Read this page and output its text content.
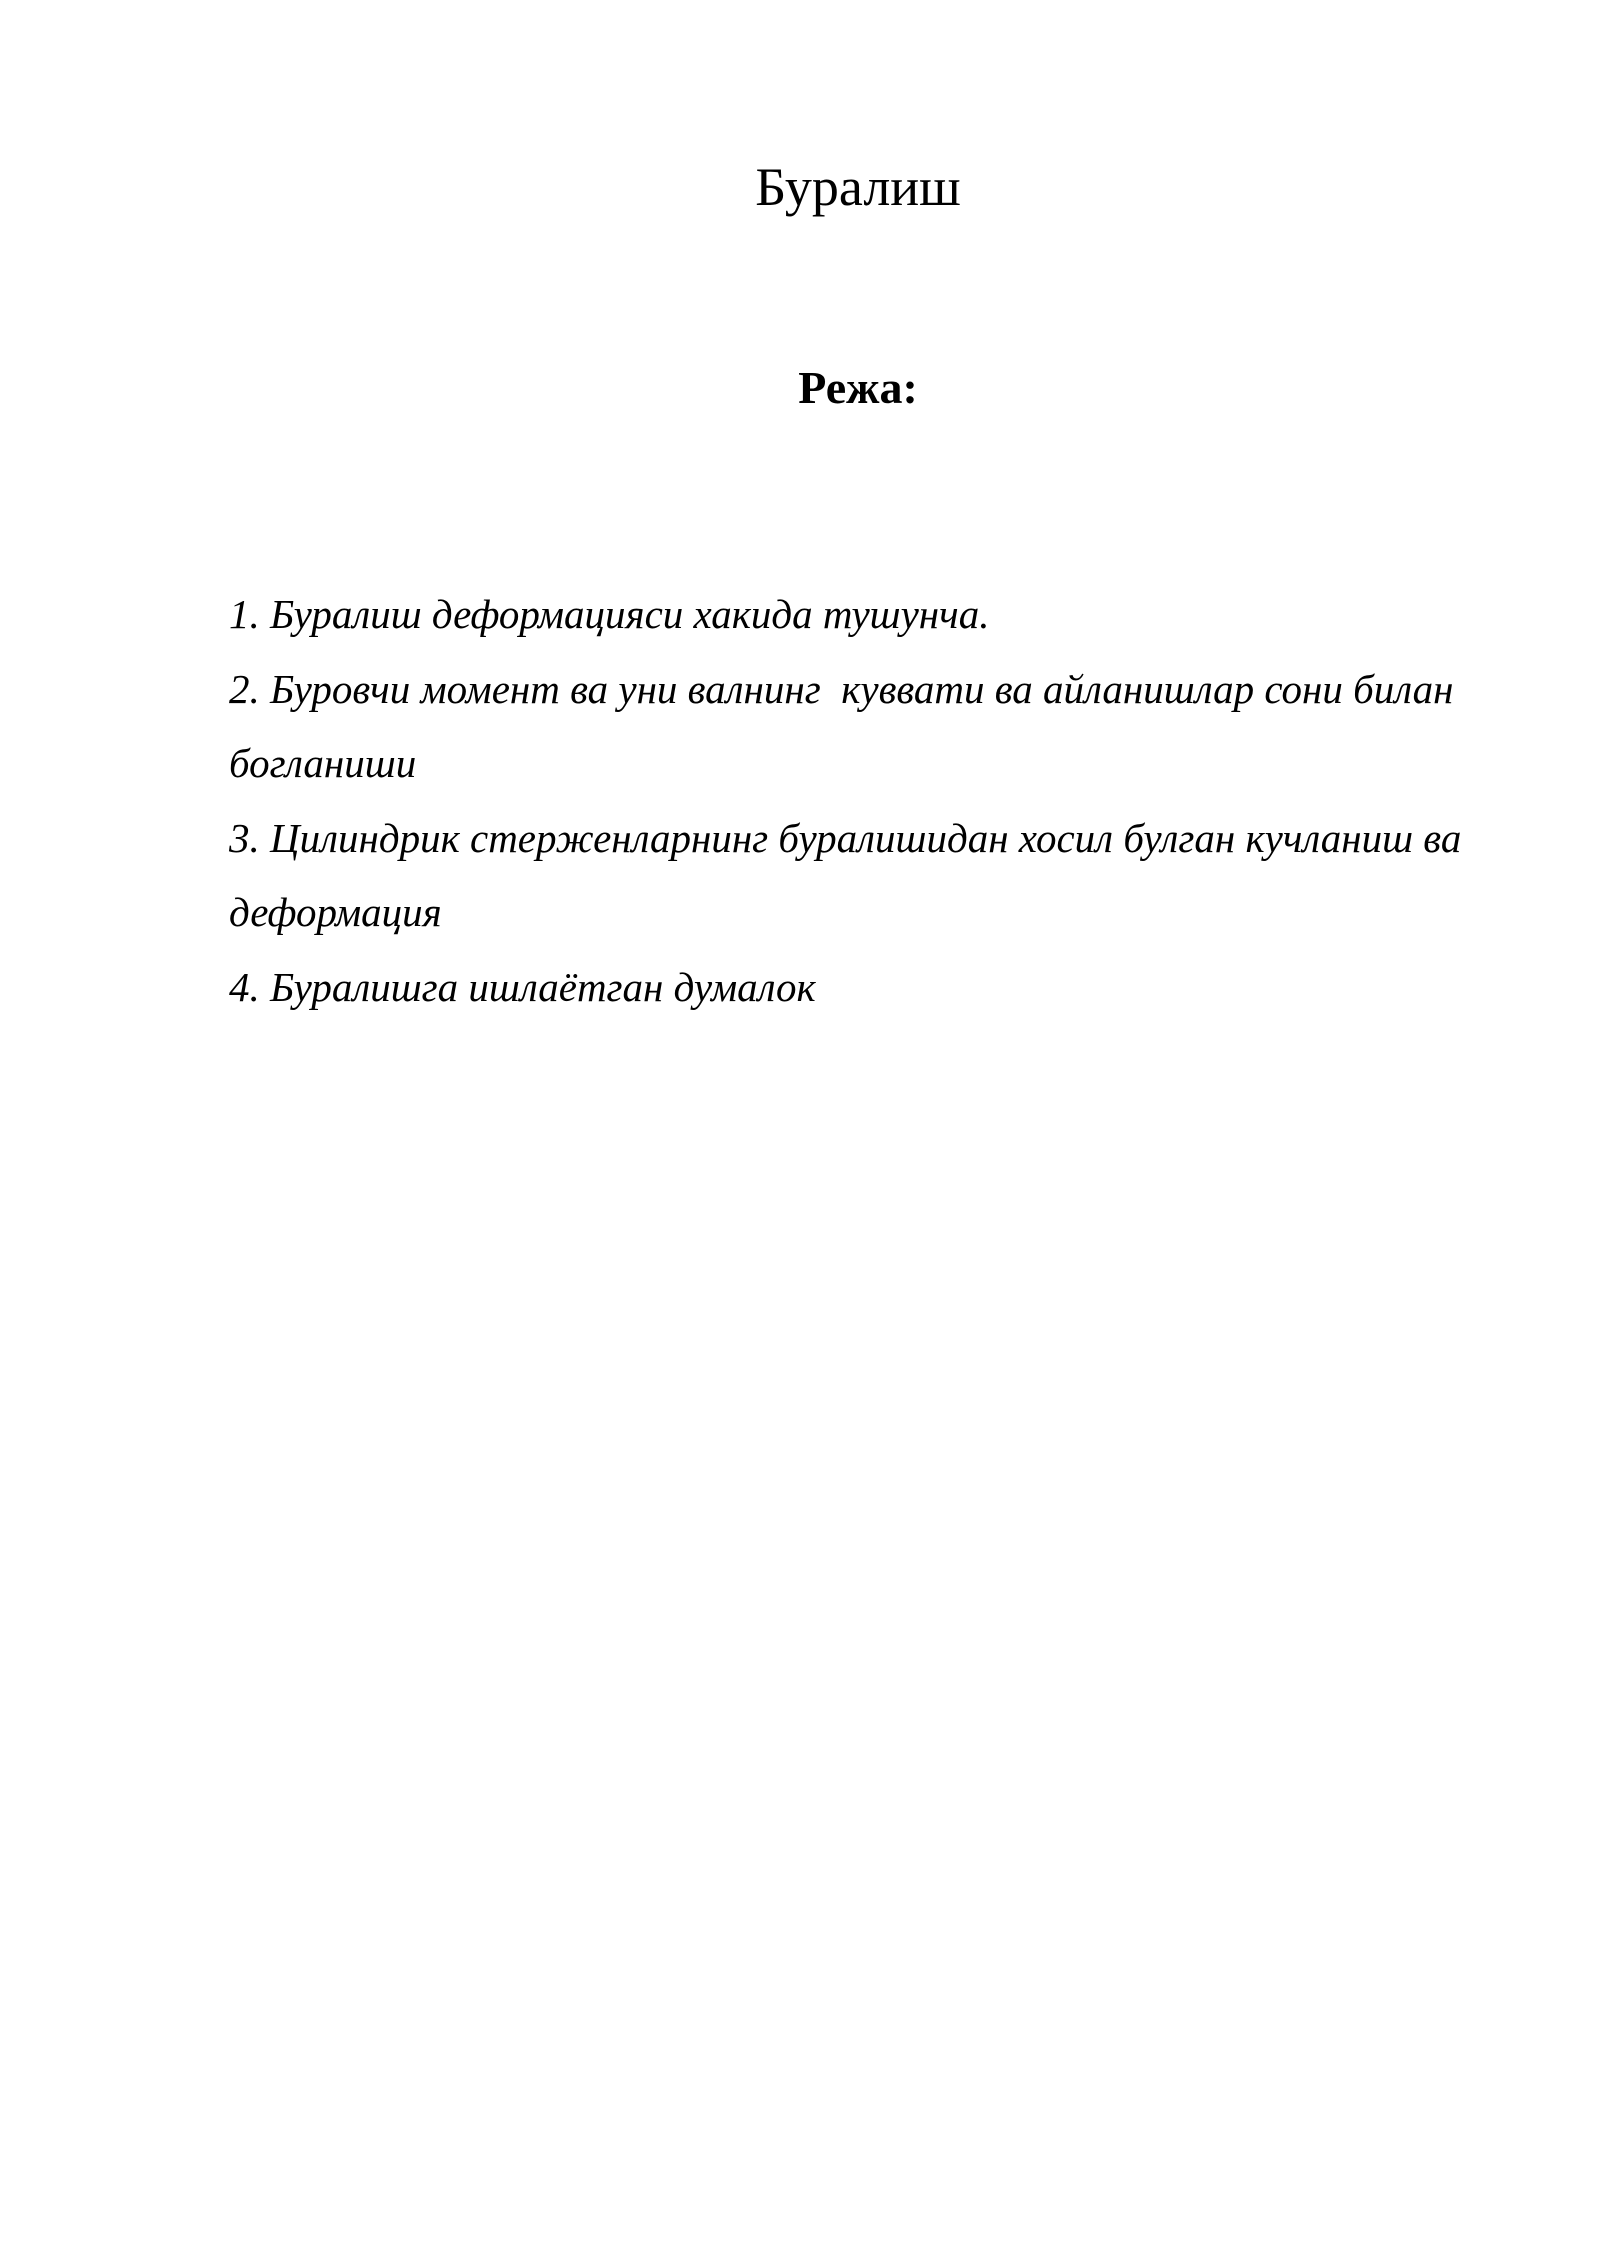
Буралиш
Режа:
1. Буралиш деформацияси хакида тушунча.
2. Буровчи момент ва уни валнинг  куввати ва айланишлар сони билан  богланиши
3. Цилиндрик стерженларнинг буралишидан хосил булган кучланиш ва   деформация
4. Буралишга ишлаётган думалок
